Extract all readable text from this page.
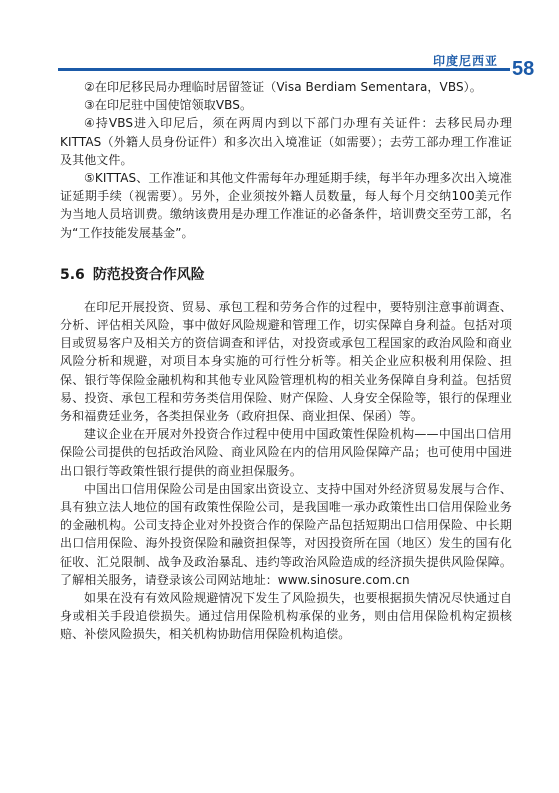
印度尼西亚 58

②在印尼移民局办理临时居留签证（Visa Berdiam Sementara，VBS）。

③在印尼驻中国使馆领取VBS。

④持VBS进入印尼后，须在两周内到以下部门办理有关证件：去移民局办理KITTAS（外籍人员身份证件）和多次出入境准证（如需要）；去劳工部办理工作准证及其他文件。

⑤KITTAS、工作准证和其他文件需每年办理延期手续，每半年办理多次出入境准证延期手续（视需要）。另外，企业须按外籍人员数量，每人每个月交纳100美元作为当地人员培训费。缴纳该费用是办理工作准证的必备条件，培训费交至劳工部，名为“工作技能发展基金”。

5.6 防范投资合作风险

在印尼开展投资、贸易、承包工程和劳务合作的过程中，要特别注意事前调查、分析、评估相关风险，事中做好风险规避和管理工作，切实保障自身利益。包括对项目或贸易客户及相关方的资信调查和评估，对投资或承包工程国家的政治风险和商业风险分析和规避，对项目本身实施的可行性分析等。相关企业应积极利用保险、担保、银行等保险金融机构和其他专业风险管理机构的相关业务保障自身利益。包括贸易、投资、承包工程和劳务类信用保险、财产保险、人身安全保险等，银行的保理业务和福费廷业务，各类担保业务（政府担保、商业担保、保函）等。

建议企业在开展对外投资合作过程中使用中国政策性保险机构——中国出口信用保险公司提供的包括政治风险、商业风险在内的信用风险保障产品；也可使用中国进出口银行等政策性银行提供的商业担保服务。

中国出口信用保险公司是由国家出资设立、支持中国对外经济贸易发展与合作、具有独立法人地位的国有政策性保险公司，是我国唯一承办政策性出口信用保险业务的金融机构。公司支持企业对外投资合作的保险产品包括短期出口信用保险、中长期出口信用保险、海外投资保险和融资担保等，对因投资所在国（地区）发生的国有化征收、汇兑限制、战争及政治暴乱、违约等政治风险造成的经济损失提供风险保障。了解相关服务，请登录该公司网站地址：www.sinosure.com.cn

如果在没有有效风险规避情况下发生了风险损失，也要根据损失情况尽快通过自身或相关手段追偿损失。通过信用保险机构承保的业务，则由信用保险机构定损核赔、补偿风险损失，相关机构协助信用保险机构追偿。
